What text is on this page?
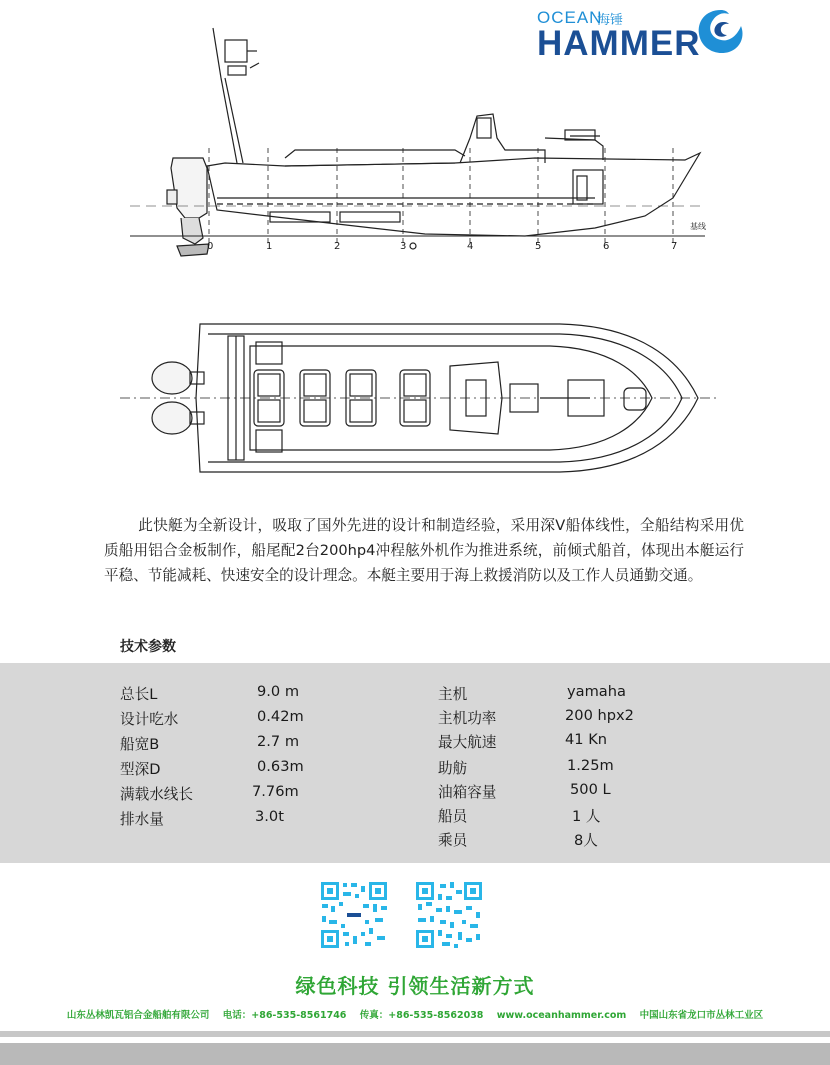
OCEAN
海锤
HAMMER
0	1	2	3	4	5	6	7
基线
此快艇为全新设计，吸取了国外先进的设计和制造经验，采用深V船体线性，全船结构采用优质船用铝合金板制作，船尾配2台200hp4冲程舷外机作为推进系统，前倾式船首，体现出本艇运行平稳、节能减耗、快速安全的设计理念。本艇主要用于海上救援消防以及工作人员通勤交通。
技术参数
总长L	9.0 m
设计吃水	0.42m
船宽B	2.7 m
型深D	0.63m
满载水线长	7.76m
排水量	3.0t
主机	yamaha
主机功率	200 hpx2
最大航速	41 Kn
助舫	1.25m
油箱容量	500 L
船员	1 人
乘员	8人
绿色科技 引领生活新方式
山东丛林凯瓦铝合金船舶有限公司 电话：+86-535-8561746 传真：+86-535-8562038 www.oceanhammer.com 中国山东省龙口市丛林工业区
